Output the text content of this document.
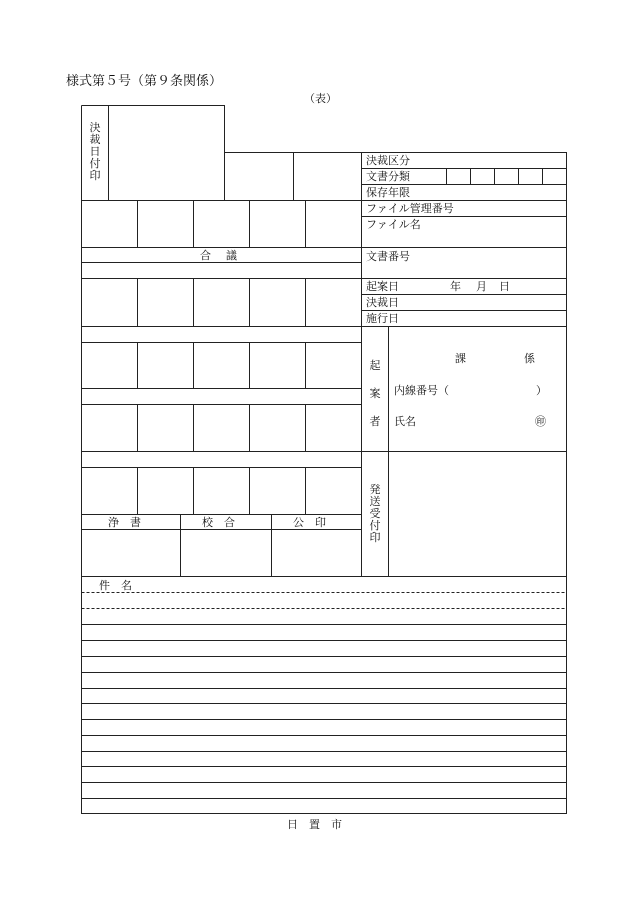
様式第５号（第９条関係）
（表）
決裁日付印
決裁区分
文書分類
保存年限
ファイル管理番号
ファイル名
文書番号
起案日	年 月 日
決裁日
施行日
合　議
起案者
課	係
内線番号（	）
氏名	㊞
発送受付印
浄　書	校　合	公　印
件　名
日　置　市
